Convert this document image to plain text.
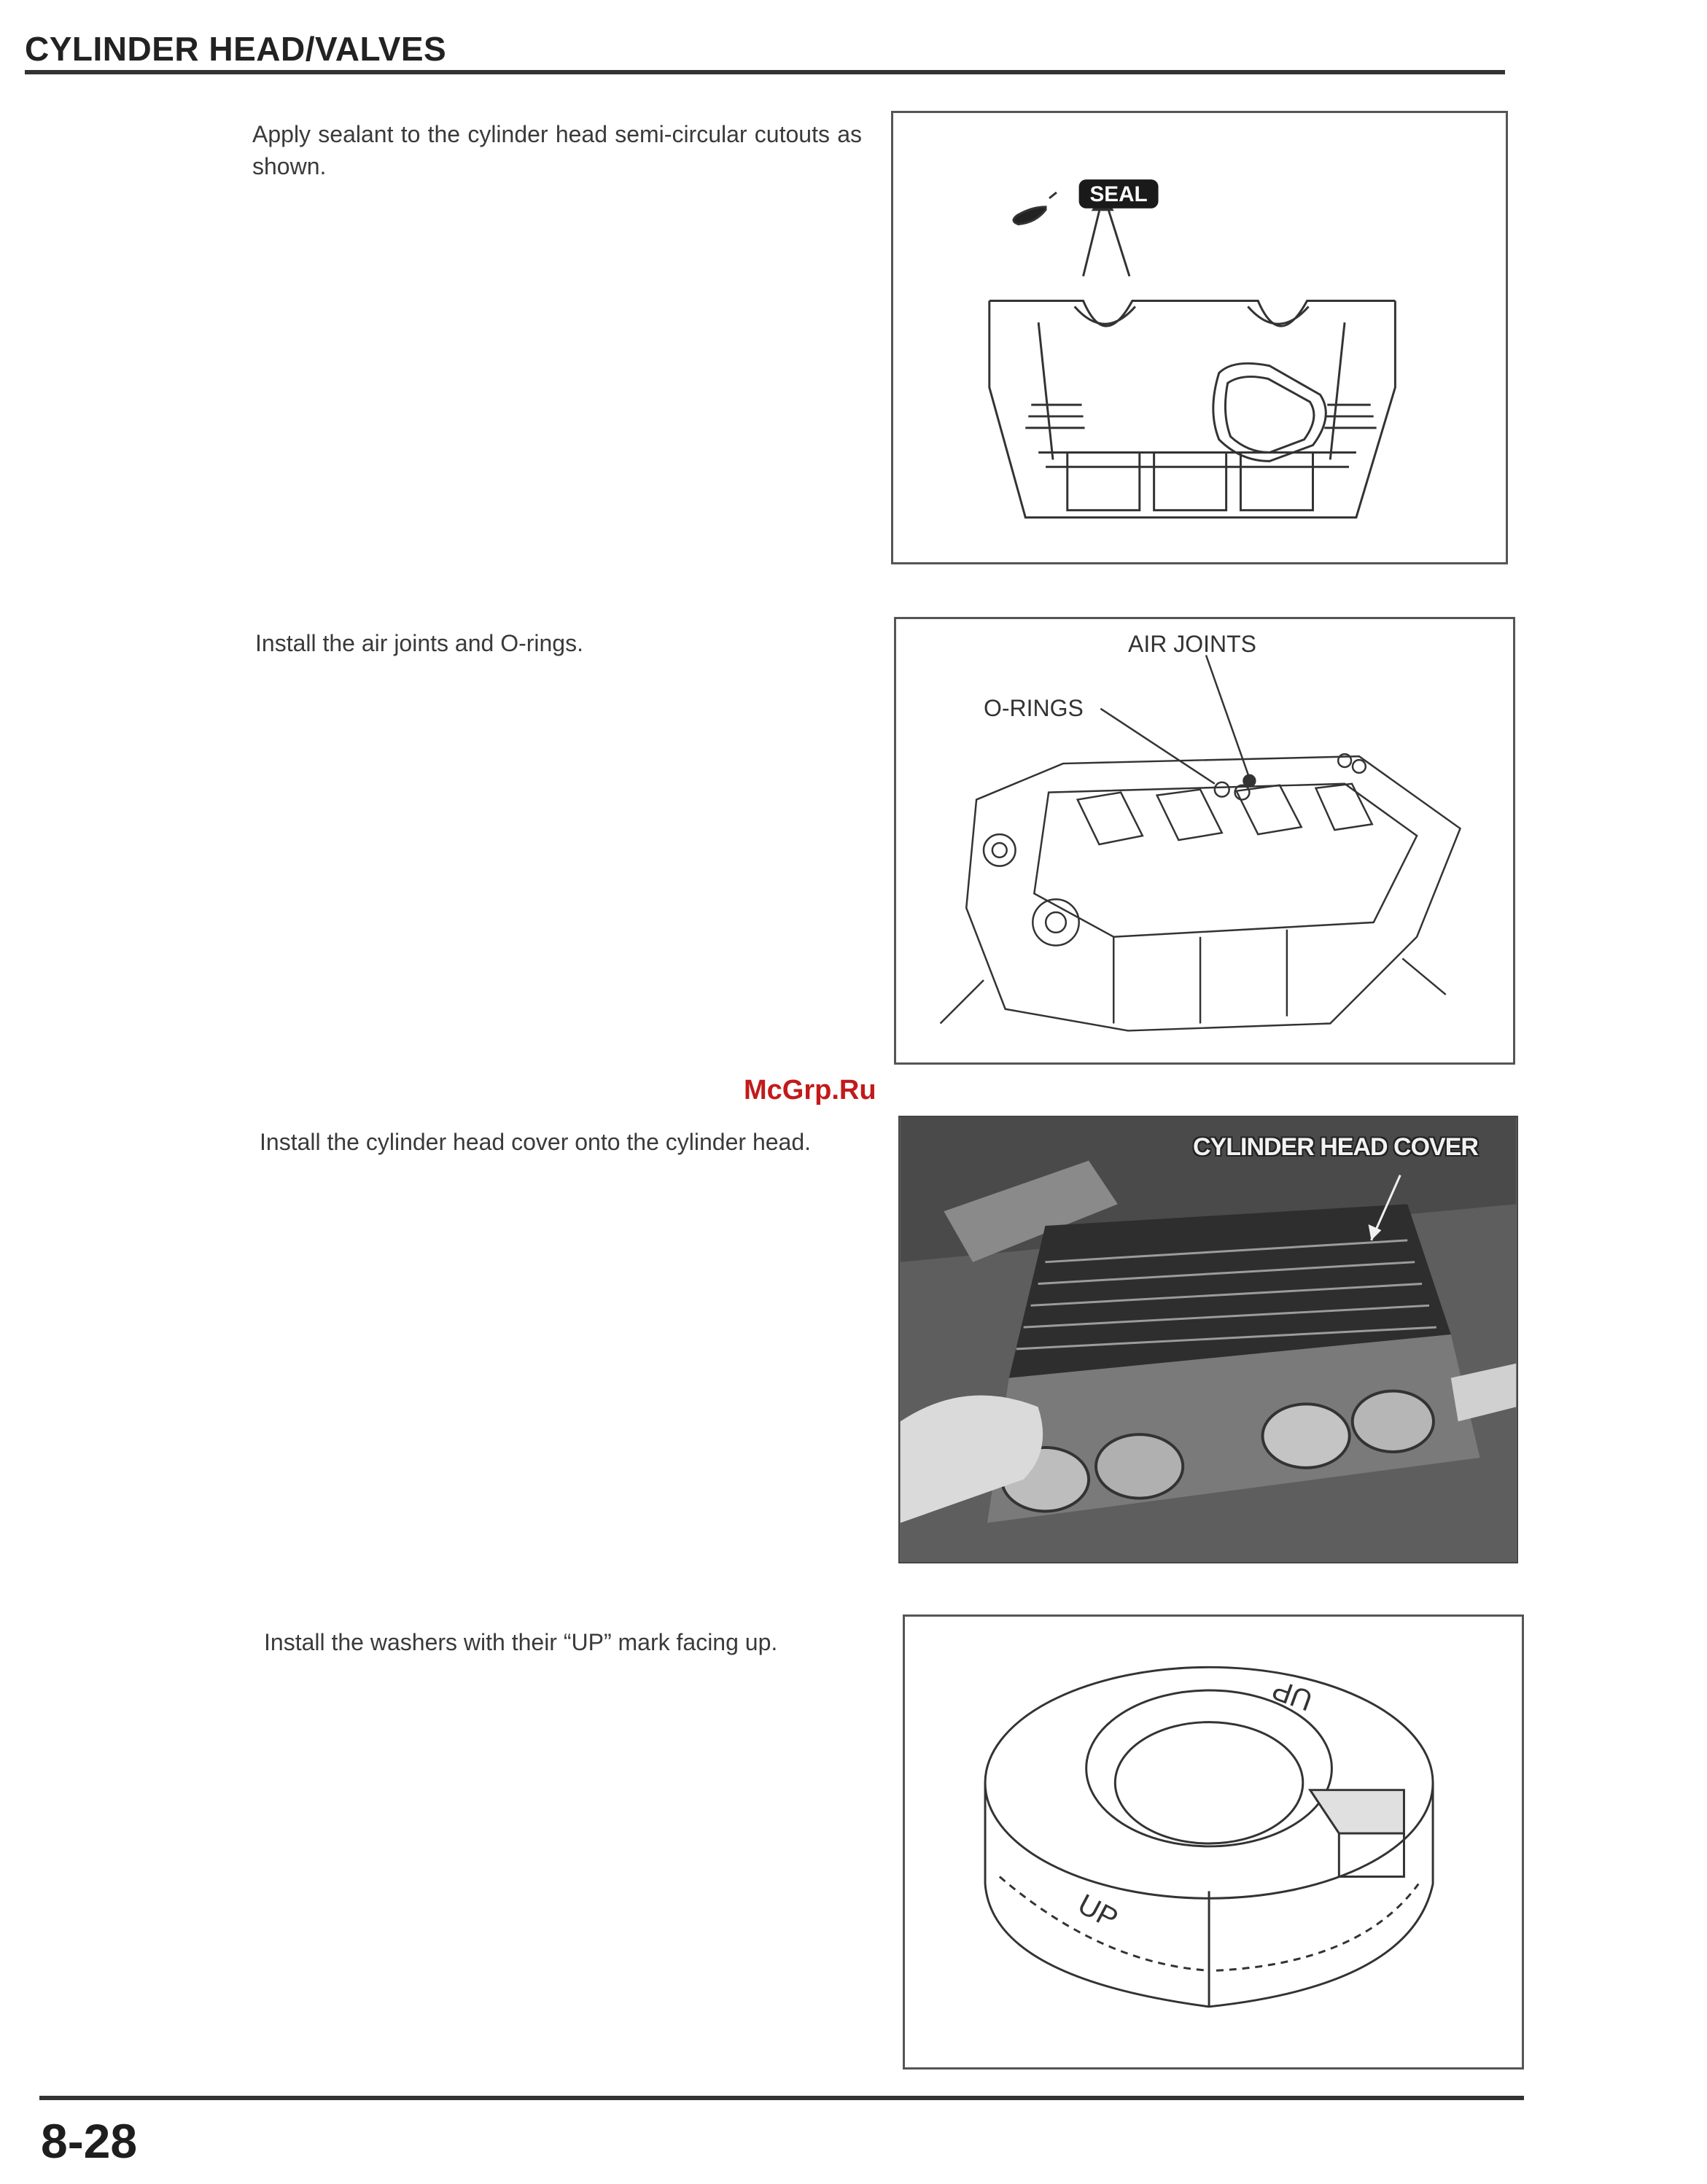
CYLINDER HEAD/VALVES
Apply sealant to the cylinder head semi-circular cutouts as shown.
SEAL
Install the air joints and O-rings.	AIR JOINTS
O-RINGS
McGrp.Ru
Install the cylinder head cover onto the cylinder head.	CYLINDER HEAD COVER
Install the washers with their “UP” mark facing up.
UP
UP
8-28
